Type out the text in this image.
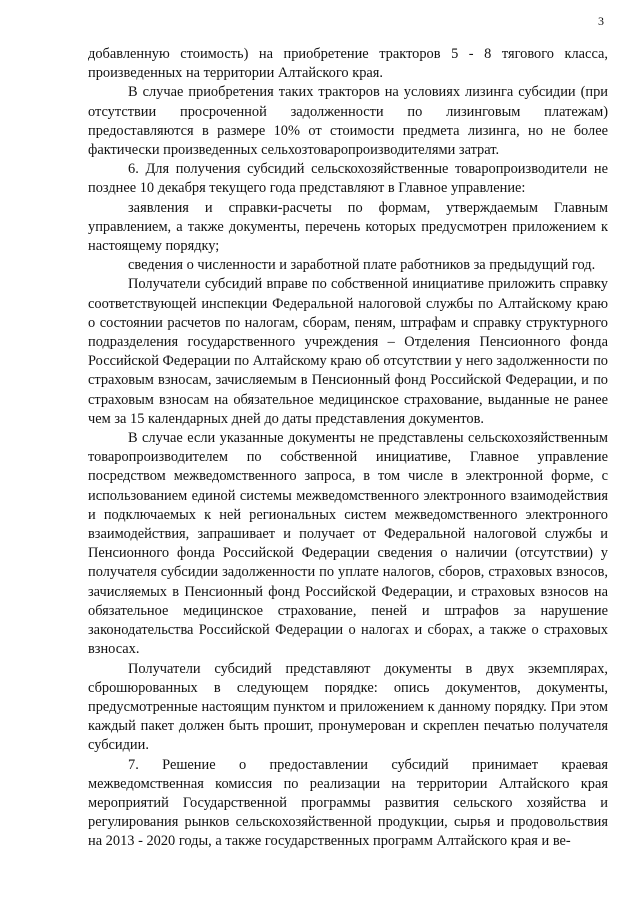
3

добавленную стоимость) на приобретение тракторов 5 - 8 тягового класса, произведенных на территории Алтайского края.

В случае приобретения таких тракторов на условиях лизинга субсидии (при отсутствии просроченной задолженности по лизинговым платежам) предоставляются в размере 10% от стоимости предмета лизинга, но не более фактически произведенных сельхозтоваропроизводителями затрат.

6. Для получения субсидий сельскохозяйственные товаропроизводители не позднее 10 декабря текущего года представляют в Главное управление:

заявления и справки-расчеты по формам, утверждаемым Главным управлением, а также документы, перечень которых предусмотрен приложением к настоящему порядку;

сведения о численности и заработной плате работников за предыдущий год.

Получатели субсидий вправе по собственной инициативе приложить справку соответствующей инспекции Федеральной налоговой службы по Алтайскому краю о состоянии расчетов по налогам, сборам, пеням, штрафам и справку структурного подразделения государственного учреждения – Отделения Пенсионного фонда Российской Федерации по Алтайскому краю об отсутствии у него задолженности по страховым взносам, зачисляемым в Пенсионный фонд Российской Федерации, и по страховым взносам на обязательное медицинское страхование, выданные не ранее чем за 15 календарных дней до даты представления документов.

В случае если указанные документы не представлены сельскохозяйственным товаропроизводителем по собственной инициативе, Главное управление посредством межведомственного запроса, в том числе в электронной форме, с использованием единой системы межведомственного электронного взаимодействия и подключаемых к ней региональных систем межведомственного электронного взаимодействия, запрашивает и получает от Федеральной налоговой службы и Пенсионного фонда Российской Федерации сведения о наличии (отсутствии) у получателя субсидии задолженности по уплате налогов, сборов, страховых взносов, зачисляемых в Пенсионный фонд Российской Федерации, и страховых взносов на обязательное медицинское страхование, пеней и штрафов за нарушение законодательства Российской Федерации о налогах и сборах, а также о страховых взносах.

Получатели субсидий представляют документы в двух экземплярах, сброшюрованных в следующем порядке: опись документов, документы, предусмотренные настоящим пунктом и приложением к данному порядку. При этом каждый пакет должен быть прошит, пронумерован и скреплен печатью получателя субсидии.

7. Решение о предоставлении субсидий принимает краевая межведомственная комиссия по реализации на территории Алтайского края мероприятий Государственной программы развития сельского хозяйства и регулирования рынков сельскохозяйственной продукции, сырья и продовольствия на 2013 - 2020 годы, а также государственных программ Алтайского края и ве-
